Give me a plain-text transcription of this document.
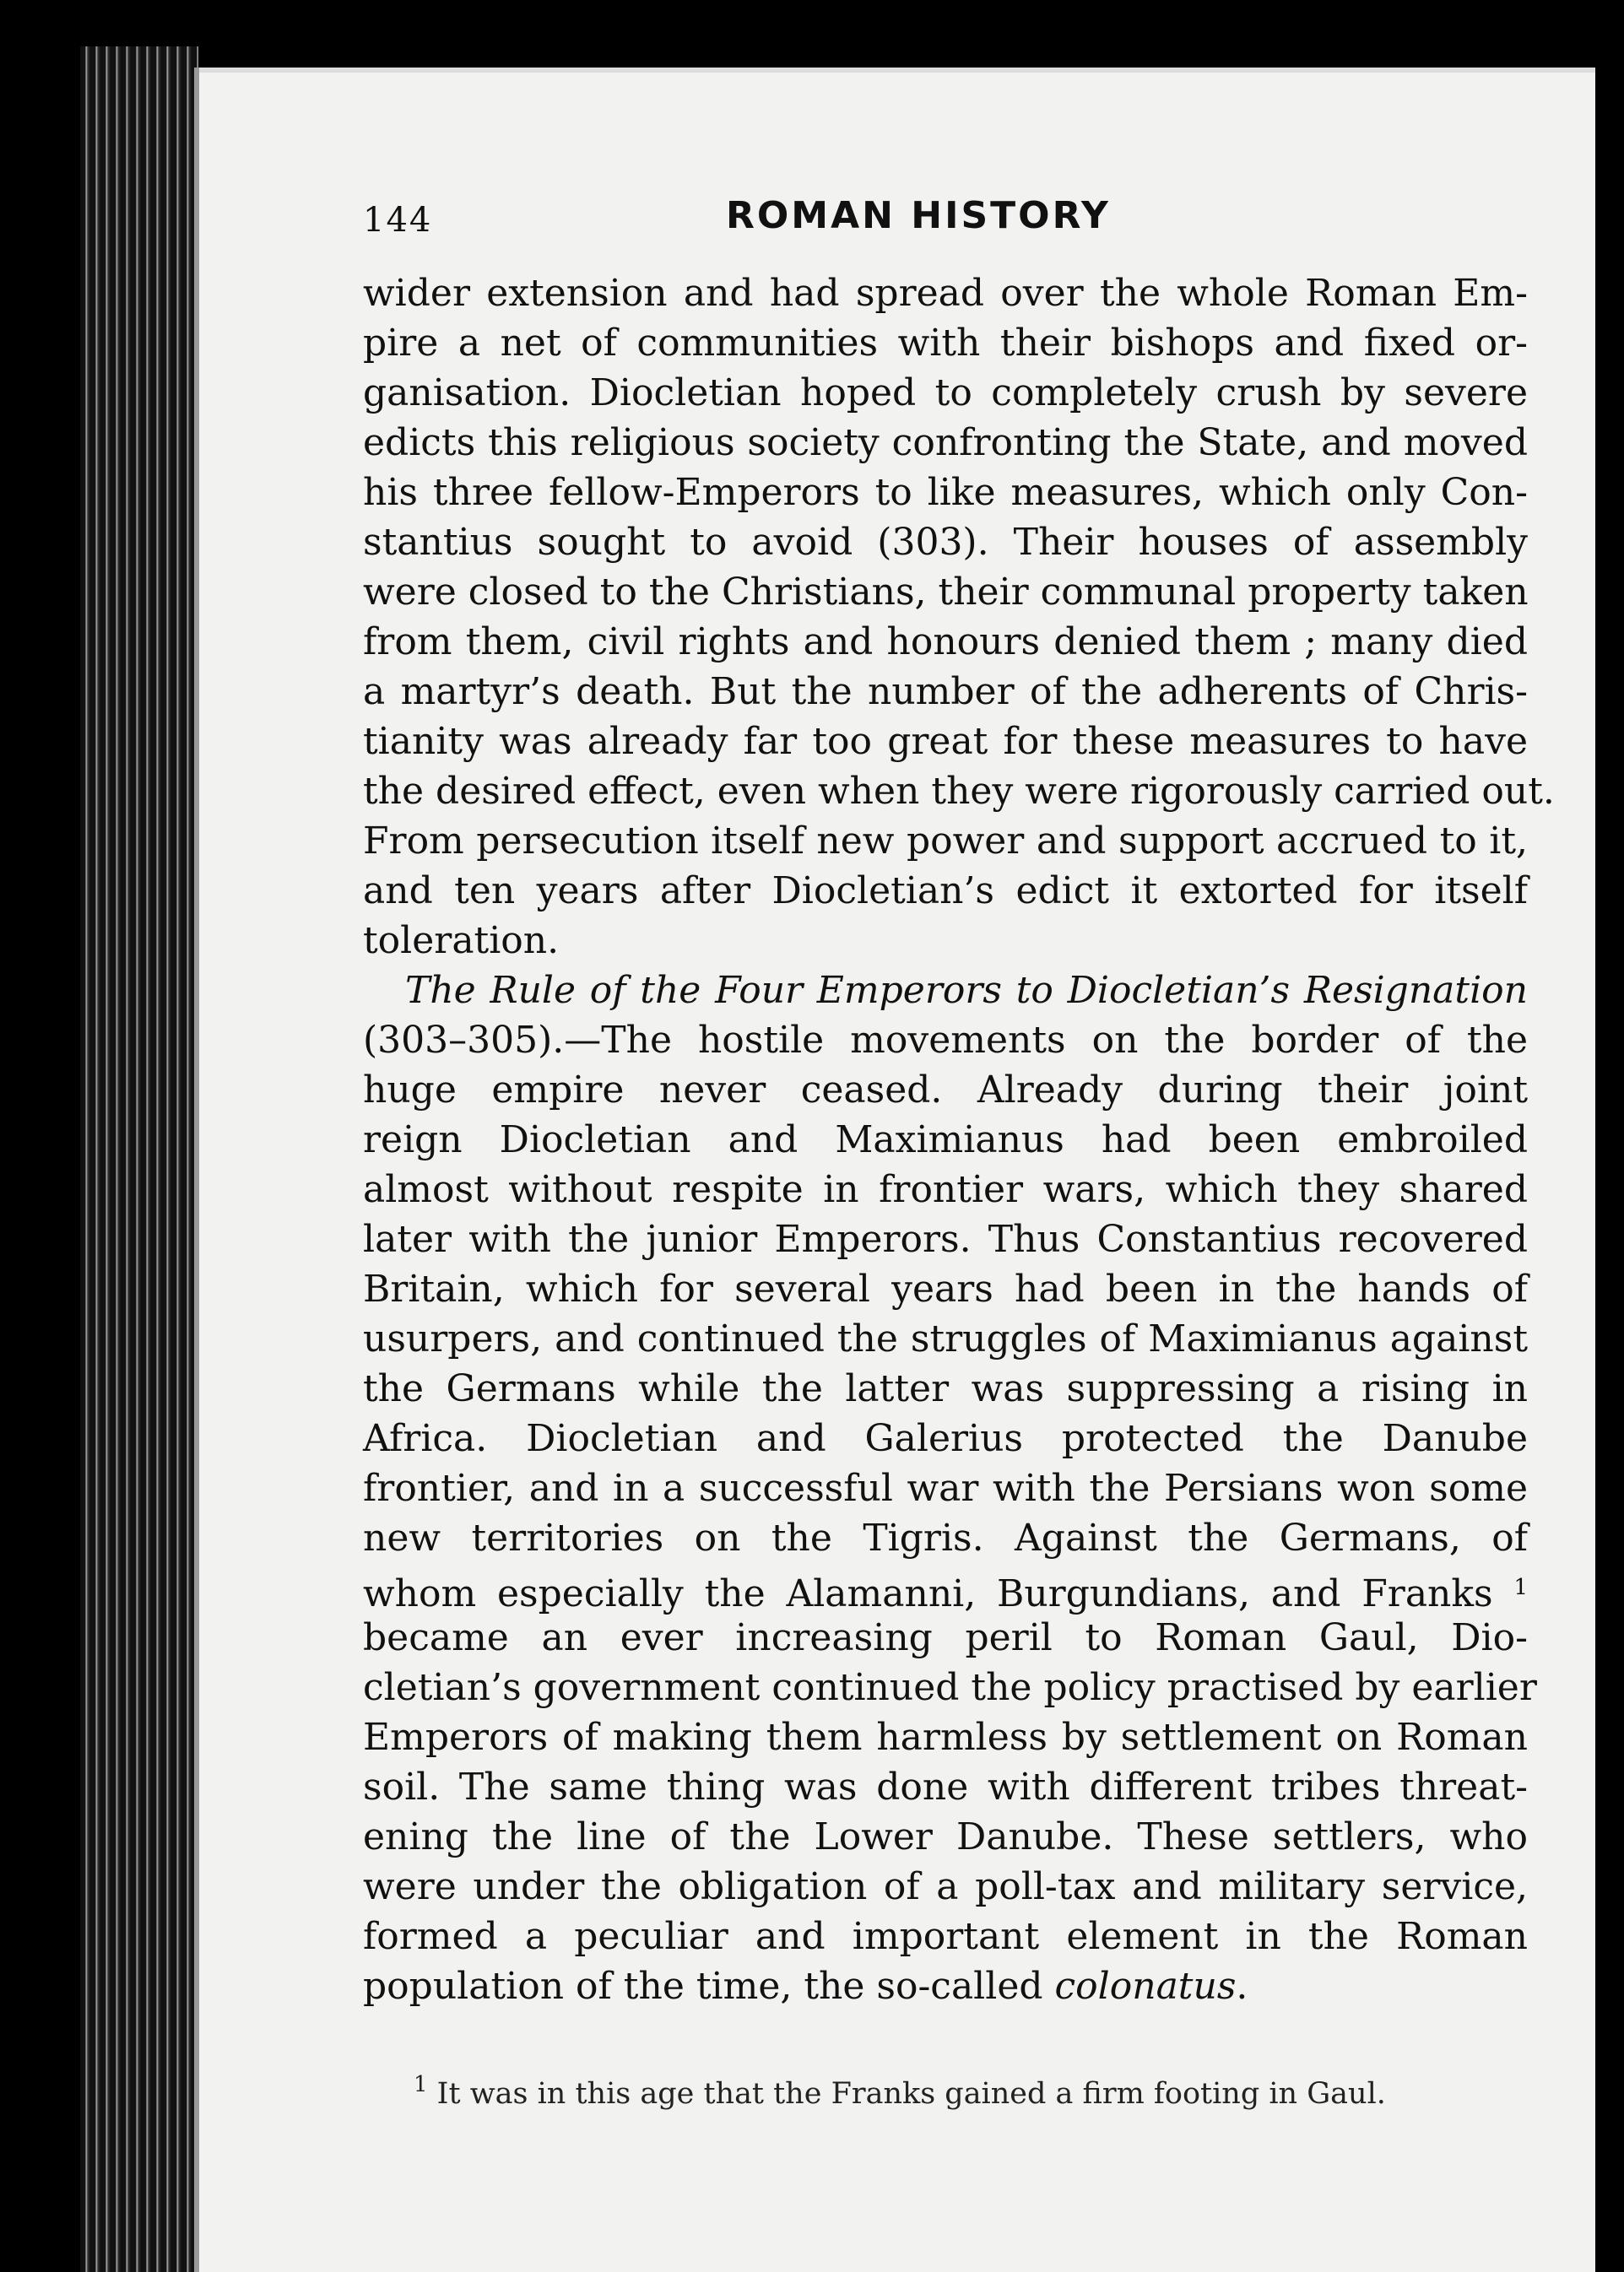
144	ROMAN HISTORY
wider extension and had spread over the whole Roman Em-
pire a net of communities with their bishops and fixed or-
ganisation. Diocletian hoped to completely crush by severe
edicts this religious society confronting the State, and moved
his three fellow-Emperors to like measures, which only Con-
stantius sought to avoid (303). Their houses of assembly
were closed to the Christians, their communal property taken
from them, civil rights and honours denied them ; many died
a martyr’s death. But the number of the adherents of Chris-
tianity was already far too great for these measures to have
the desired effect, even when they were rigorously carried out.
From persecution itself new power and support accrued to it,
and ten years after Diocletian’s edict it extorted for itself
toleration.
The Rule of the Four Emperors to Diocletian’s Resignation
(303–305).—The hostile movements on the border of the
huge empire never ceased. Already during their joint
reign Diocletian and Maximianus had been embroiled
almost without respite in frontier wars, which they shared
later with the junior Emperors. Thus Constantius recovered
Britain, which for several years had been in the hands of
usurpers, and continued the struggles of Maximianus against
the Germans while the latter was suppressing a rising in
Africa. Diocletian and Galerius protected the Danube
frontier, and in a successful war with the Persians won some
new territories on the Tigris. Against the Germans, of
whom especially the Alamanni, Burgundians, and Franks $^1$
became an ever increasing peril to Roman Gaul, Dio-
cletian’s government continued the policy practised by earlier
Emperors of making them harmless by settlement on Roman
soil. The same thing was done with different tribes threat-
ening the line of the Lower Danube. These settlers, who
were under the obligation of a poll-tax and military service,
formed a peculiar and important element in the Roman
population of the time, the so-called colonatus.
$^1$ It was in this age that the Franks gained a firm footing in Gaul.
